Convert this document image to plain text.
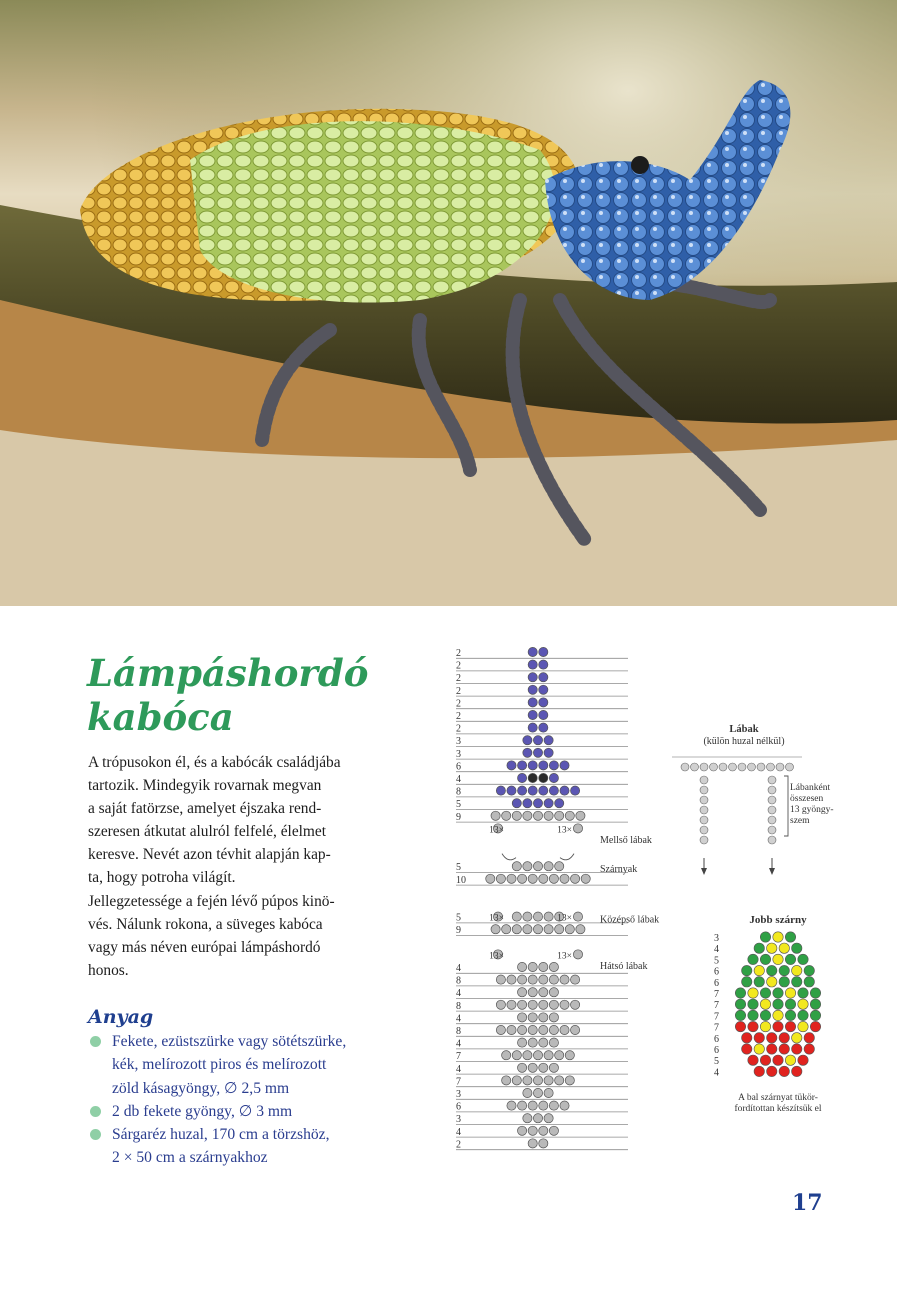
Lámpáshordó
kabóca

A trópusokon él, és a kabócák családjába

tartozik. Mindegyik rovarnak megvan

a saját fatörzse, amelyet éjszaka rend-

szeresen átkutat alulról felfelé, élelmet

keresve. Nevét azon tévhit alapján kap-

ta, hogy potroha világít.

Jellegzetessége a fején lévő púpos kinö-

vés. Nálunk rokona, a süveges kabóca

vagy más néven európai lámpáshordó

honos.

Anyag
Fekete, ezüstszürke vagy sötétszürke,
kék, melírozott piros és melírozott
zöld kásagyöngy, ∅ 2,5 mm
2 db fekete gyöngy, ∅ 3 mm
Sárgaréz huzal, 170 cm a törzshöz,
2 × 50 cm a szárnyakhoz
17
2
2
2
2
2
2
2
3
3
6
4
8
5
9
5
10
5
9
4
8
4
8
4
8
4
7
4
7
3
6
3
4
2
13×	13×
13×	13×
13×	13×
Mellső lábak
Középső lábak
Hátsó lábak
Szárnyak
Lábak
(külön huzal nélkül)
Lábanként
összesen
13 gyöngy-
szem
Jobb szárny
3
4
5
6
6
7
7
7
7
6
6
5
4
A bal szárnyat tükör-
fordítottan készítsük el
